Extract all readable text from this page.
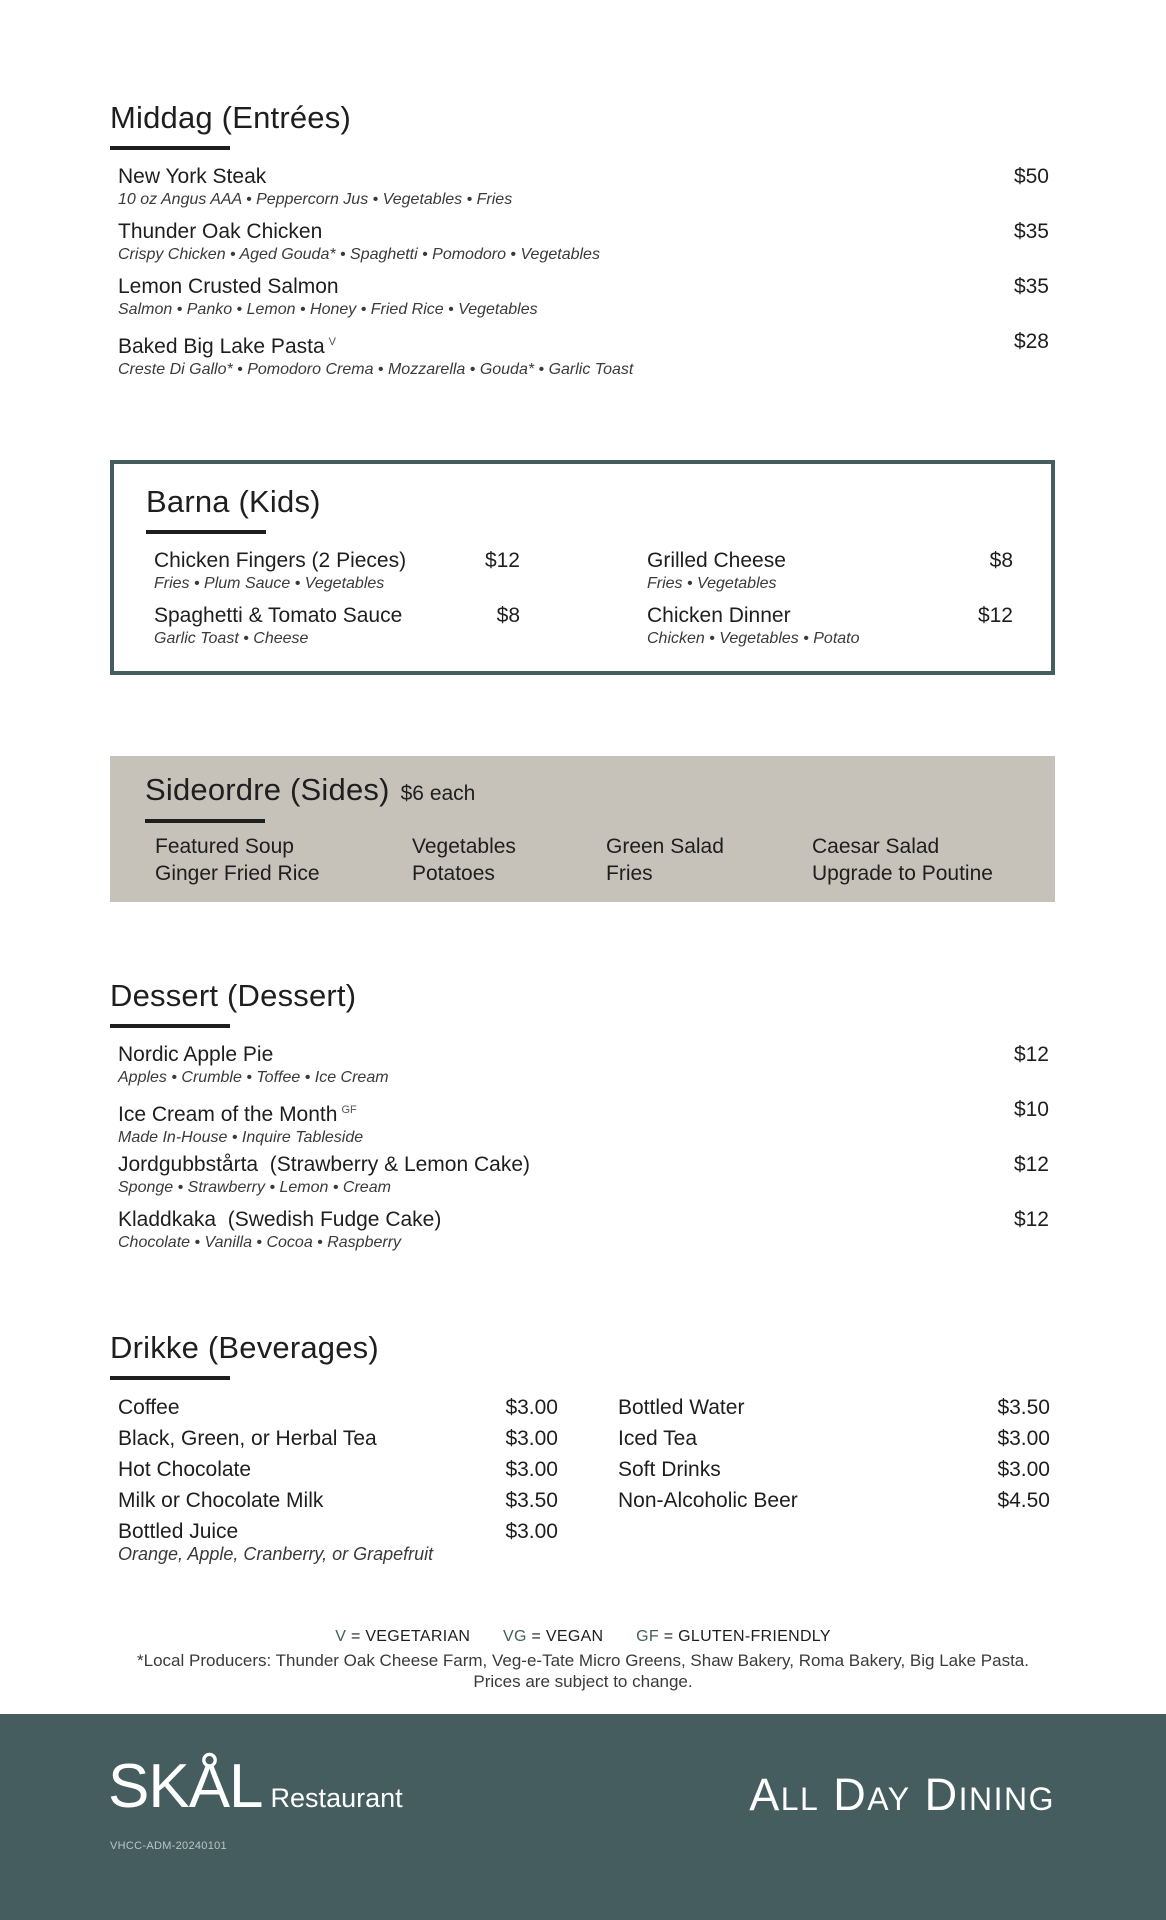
Middag (Entrées)
New York Steak
10 oz Angus AAA • Peppercorn Jus • Vegetables • Fries
$50
Thunder Oak Chicken
Crispy Chicken • Aged Gouda* • Spaghetti • Pomodoro • Vegetables
$35
Lemon Crusted Salmon
Salmon • Panko • Lemon • Honey • Fried Rice • Vegetables
$35
Baked Big Lake Pasta $^V$
Creste Di Gallo* • Pomodoro Crema • Mozzarella • Gouda* • Garlic Toast
$28
Barna (Kids)
Chicken Fingers (2 Pieces)
Fries • Plum Sauce • Vegetables
$12
Spaghetti & Tomato Sauce
Garlic Toast • Cheese
$8
Grilled Cheese
Fries • Vegetables
$8
Chicken Dinner
Chicken • Vegetables • Potato
$12
Sideordre (Sides) $6 each
Featured Soup
Ginger Fried Rice
Vegetables
Potatoes
Green Salad
Fries
Caesar Salad
Upgrade to Poutine
Dessert (Dessert)
Nordic Apple Pie
Apples • Crumble • Toffee • Ice Cream
$12
Ice Cream of the Month $^{GF}$
Made In-House • Inquire Tableside
$10
Jordgubbstårta  (Strawberry & Lemon Cake)
Sponge • Strawberry • Lemon • Cream
$12
Kladdkaka  (Swedish Fudge Cake)
Chocolate • Vanilla • Cocoa • Raspberry
$12
Drikke (Beverages)
Coffee	$3.00
Black, Green, or Herbal Tea	$3.00
Hot Chocolate	$3.00
Milk or Chocolate Milk	$3.50
Bottled Juice	$3.00
Orange, Apple, Cranberry, or Grapefruit
Bottled Water	$3.50
Iced Tea	$3.00
Soft Drinks	$3.00
Non-Alcoholic Beer	$4.50
V = VEGETARIAN VG = VEGAN GF = GLUTEN-FRIENDLY
*Local Producers: Thunder Oak Cheese Farm, Veg-e-Tate Micro Greens, Shaw Bakery, Roma Bakery, Big Lake Pasta.
Prices are subject to change.
SKÅL Restaurant
VHCC-ADM-20240101
All Day Dining
